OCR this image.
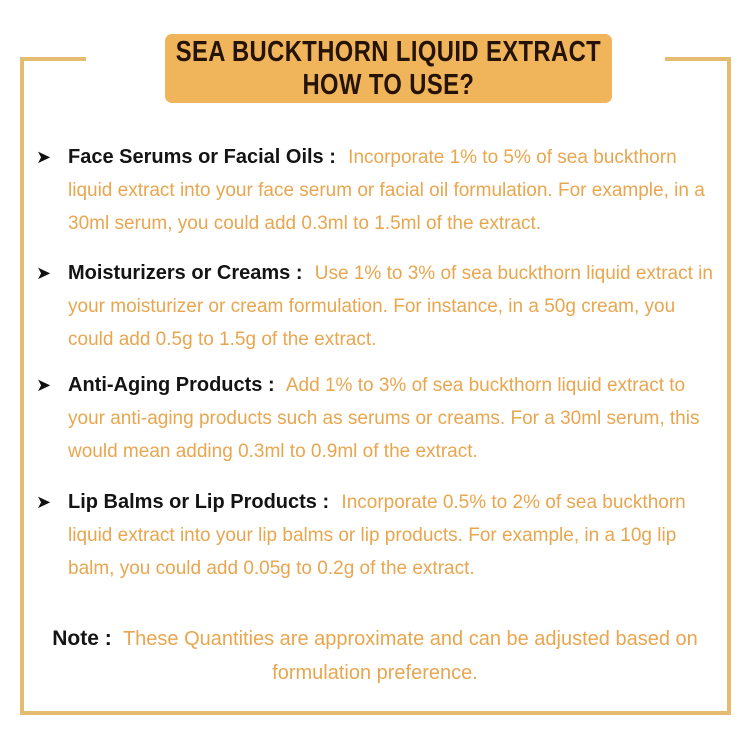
SEA BUCKTHORN LIQUID EXTRACT
HOW TO USE?
➤ Face Serums or Facial Oils : Incorporate 1% to 5% of sea buckthorn liquid extract into your face serum or facial oil formulation. For example, in a 30ml serum, you could add 0.3ml to 1.5ml of the extract.
➤ Moisturizers or Creams : Use 1% to 3% of sea buckthorn liquid extract in your moisturizer or cream formulation. For instance, in a 50g cream, you could add 0.5g to 1.5g of the extract.
➤ Anti-Aging Products : Add 1% to 3% of sea buckthorn liquid extract to your anti-aging products such as serums or creams. For a 30ml serum, this would mean adding 0.3ml to 0.9ml of the extract.
➤ Lip Balms or Lip Products : Incorporate 0.5% to 2% of sea buckthorn liquid extract into your lip balms or lip products. For example, in a 10g lip balm, you could add 0.05g to 0.2g of the extract.
Note : These Quantities are approximate and can be adjusted based on formulation preference.
